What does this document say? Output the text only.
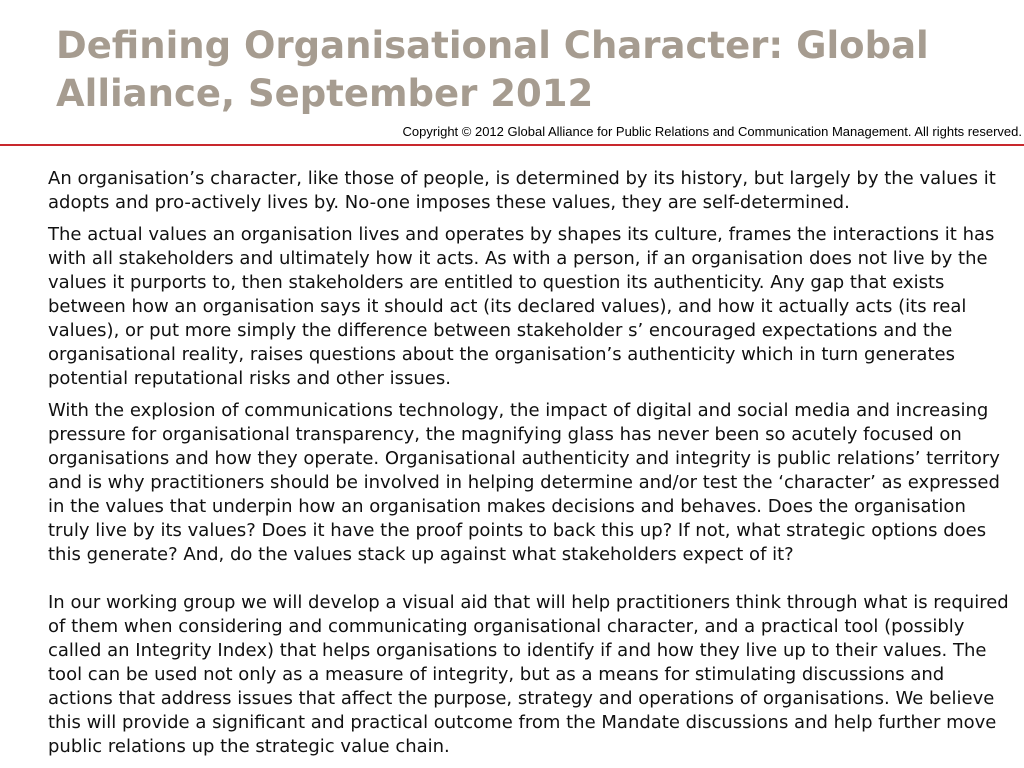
Defining Organisational Character: Global Alliance, September 2012

Copyright © 2012 Global Alliance for Public Relations and Communication Management. All rights reserved.

An organisation’s character, like those of people, is determined by its history, but largely by the values it adopts and pro-actively lives by. No-one imposes these values, they are self-determined.

The actual values an organisation lives and operates by shapes its culture, frames the interactions it has with all stakeholders and ultimately how it acts. As with a person, if an organisation does not live by the values it purports to, then stakeholders are entitled to question its authenticity. Any gap that exists between how an organisation says it should act (its declared values), and how it actually acts (its real values), or put more simply the difference between stakeholder s’ encouraged expectations and the organisational reality, raises questions about the organisation’s authenticity which in turn generates potential reputational risks and other issues.

With the explosion of communications technology, the impact of digital and social media and increasing pressure for organisational transparency, the magnifying glass has never been so acutely focused on organisations and how they operate. Organisational authenticity and integrity is public relations’ territory and is why practitioners should be involved in helping determine and/or test the ‘character’ as expressed in the values that underpin how an organisation makes decisions and behaves. Does the organisation truly live by its values? Does it have the proof points to back this up? If not, what strategic options does this generate? And, do the values stack up against what stakeholders expect of it?

In our working group we will develop a visual aid that will help practitioners think through what is required of them when considering and communicating organisational character, and a practical tool (possibly called an Integrity Index) that helps organisations to identify if and how they live up to their values. The tool can be used not only as a measure of integrity, but as a means for stimulating discussions and actions that address issues that affect the purpose, strategy and operations of organisations. We believe this will provide a significant and practical outcome from the Mandate discussions and help further move public relations up the strategic value chain.
